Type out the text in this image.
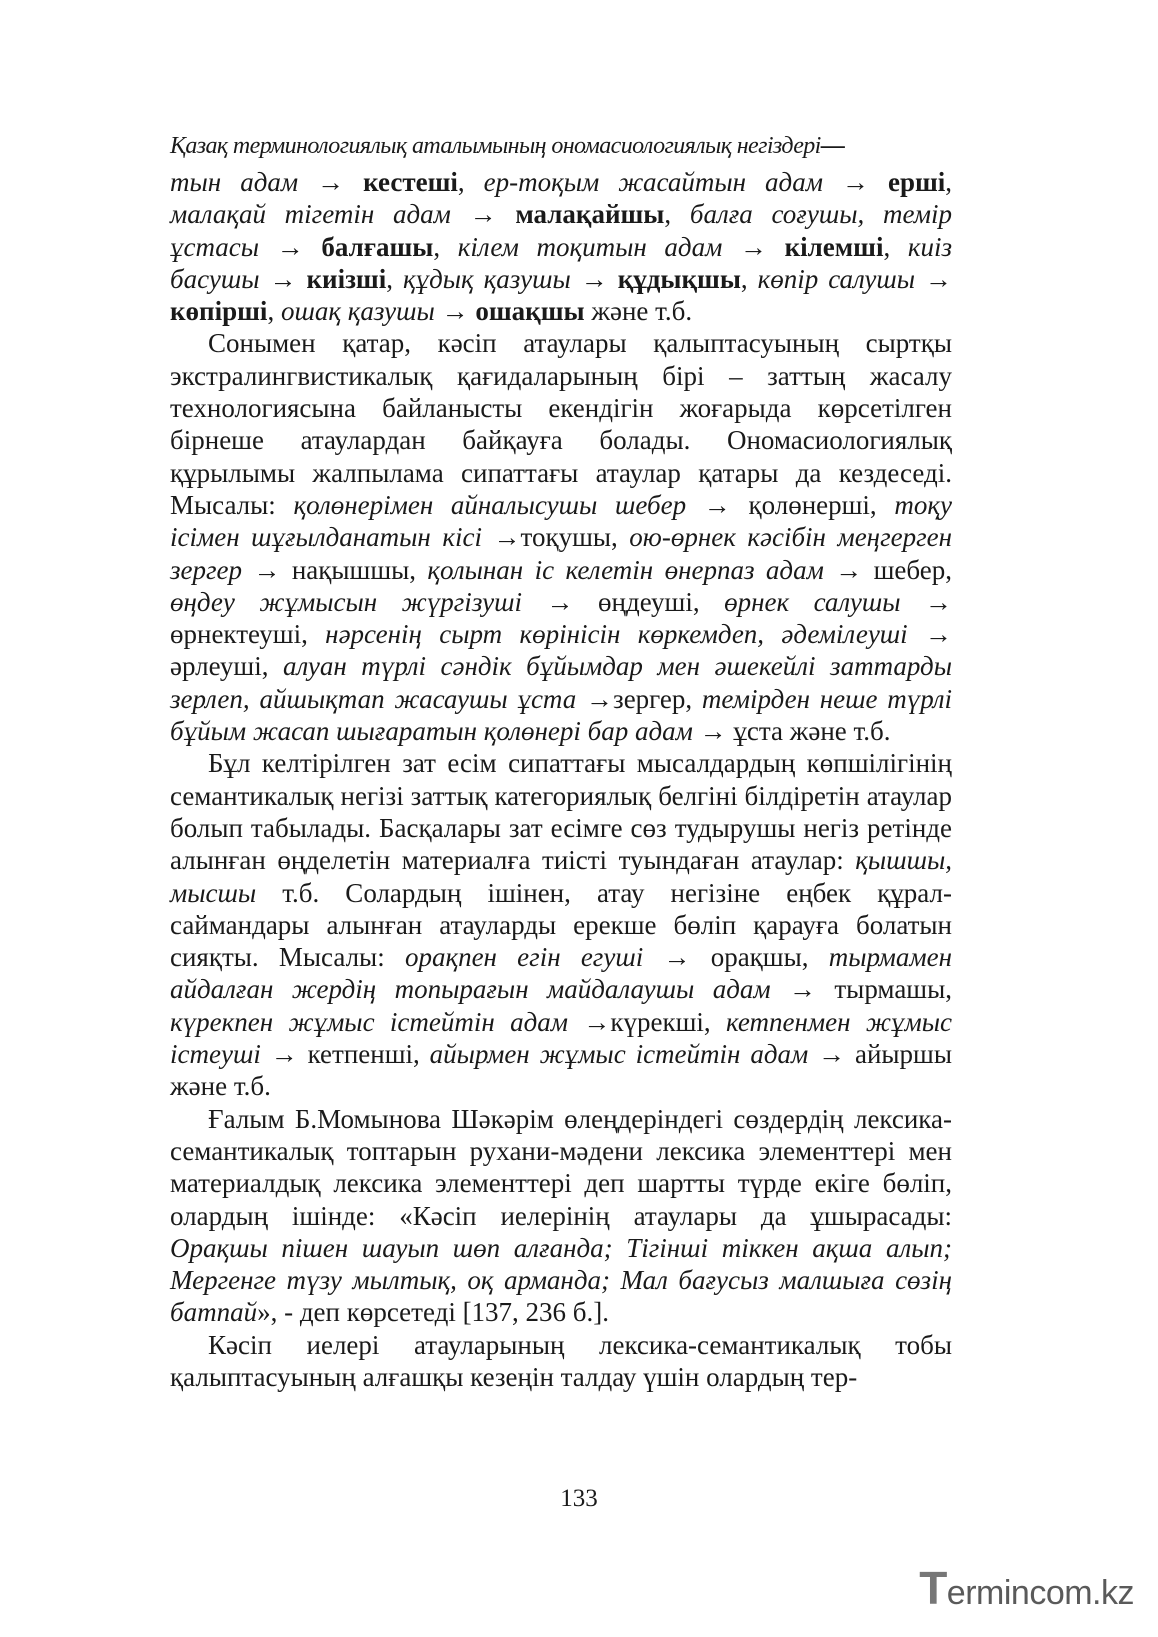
Қазақ терминологиялық аталымының ономасиологиялық негіздері—

тын адам → кестеші, ер-тоқым жасайтын адам → ерші, малақай тігетін адам → малақайшы, балға соғушы, темір ұстасы → балғашы, кілем тоқитын адам → кілемші, киіз басушы → киізші, құдық қазушы → құдықшы, көпір салушы → көпірші, ошақ қазушы → ошақшы және т.б.

Сонымен қатар, кәсіп атаулары қалыптасуының сыртқы экстралингвистикалық қағидаларының бірі – заттың жасалу технологиясына байланысты екендігін жоғарыда көрсетілген бірнеше атаулардан байқауға болады. Ономасиологиялық құрылымы жалпылама сипаттағы атаулар қатары да кездеседі. Мысалы: қолөнерімен айналысушы шебер → қолөнерші, тоқу ісімен шұғылданатын кісі →тоқушы, ою-өрнек кәсібін меңгерген зергер → нақышшы, қолынан іс келетін өнерпаз адам → шебер, өңдеу жұмысын жүргізуші → өңдеуші, өрнек салушы → өрнектеуші, нәрсенің сырт көрінісін көркемдеп, әдемілеуші → әрлеуші, алуан түрлі сәндік бұйымдар мен әшекейлі заттарды зерлеп, айшықтап жасаушы ұста →зергер, темірден неше түрлі бұйым жасап шығаратын қолөнері бар адам → ұста және т.б.

Бұл келтірілген зат есім сипаттағы мысалдардың көпшілігінің семантикалық негізі заттық категориялық белгіні білдіретін атаулар болып табылады. Басқалары зат есімге сөз тудырушы негіз ретінде алынған өңделетін материалға тиісті туындаған атаулар: қышшы, мысшы т.б. Солардың ішінен, атау негізіне еңбек құрал-саймандары алынған атауларды ерекше бөліп қарауға болатын сияқты. Мысалы: орақпен егін егуші → орақшы, тырмамен айдалған жердің топырағын майдалаушы адам → тырмашы, күрекпен жұмыс істейтін адам →күрекші, кетпенмен жұмыс істеуші → кетпенші, айырмен жұмыс істейтін адам → айыршы және т.б.

Ғалым Б.Момынова Шәкәрім өлеңдеріндегі сөздердің лексика-семантикалық топтарын рухани-мәдени лексика элементтері мен материалдық лексика элементтері деп шартты түрде екіге бөліп, олардың ішінде: «Кәсіп иелерінің атаулары да ұшырасады: Орақшы пішен шауып шөп алғанда; Тігінші тіккен ақша алып; Мергенге түзу мылтық, оқ арманда; Мал бағусыз малшыға сөзің батпай», - деп көрсетеді [137, 236 б.].

Кәсіп иелері атауларының лексика-семантикалық тобы қалыптасуының алғашқы кезеңін талдау үшін олардың тер-

133
Termincom.kz
